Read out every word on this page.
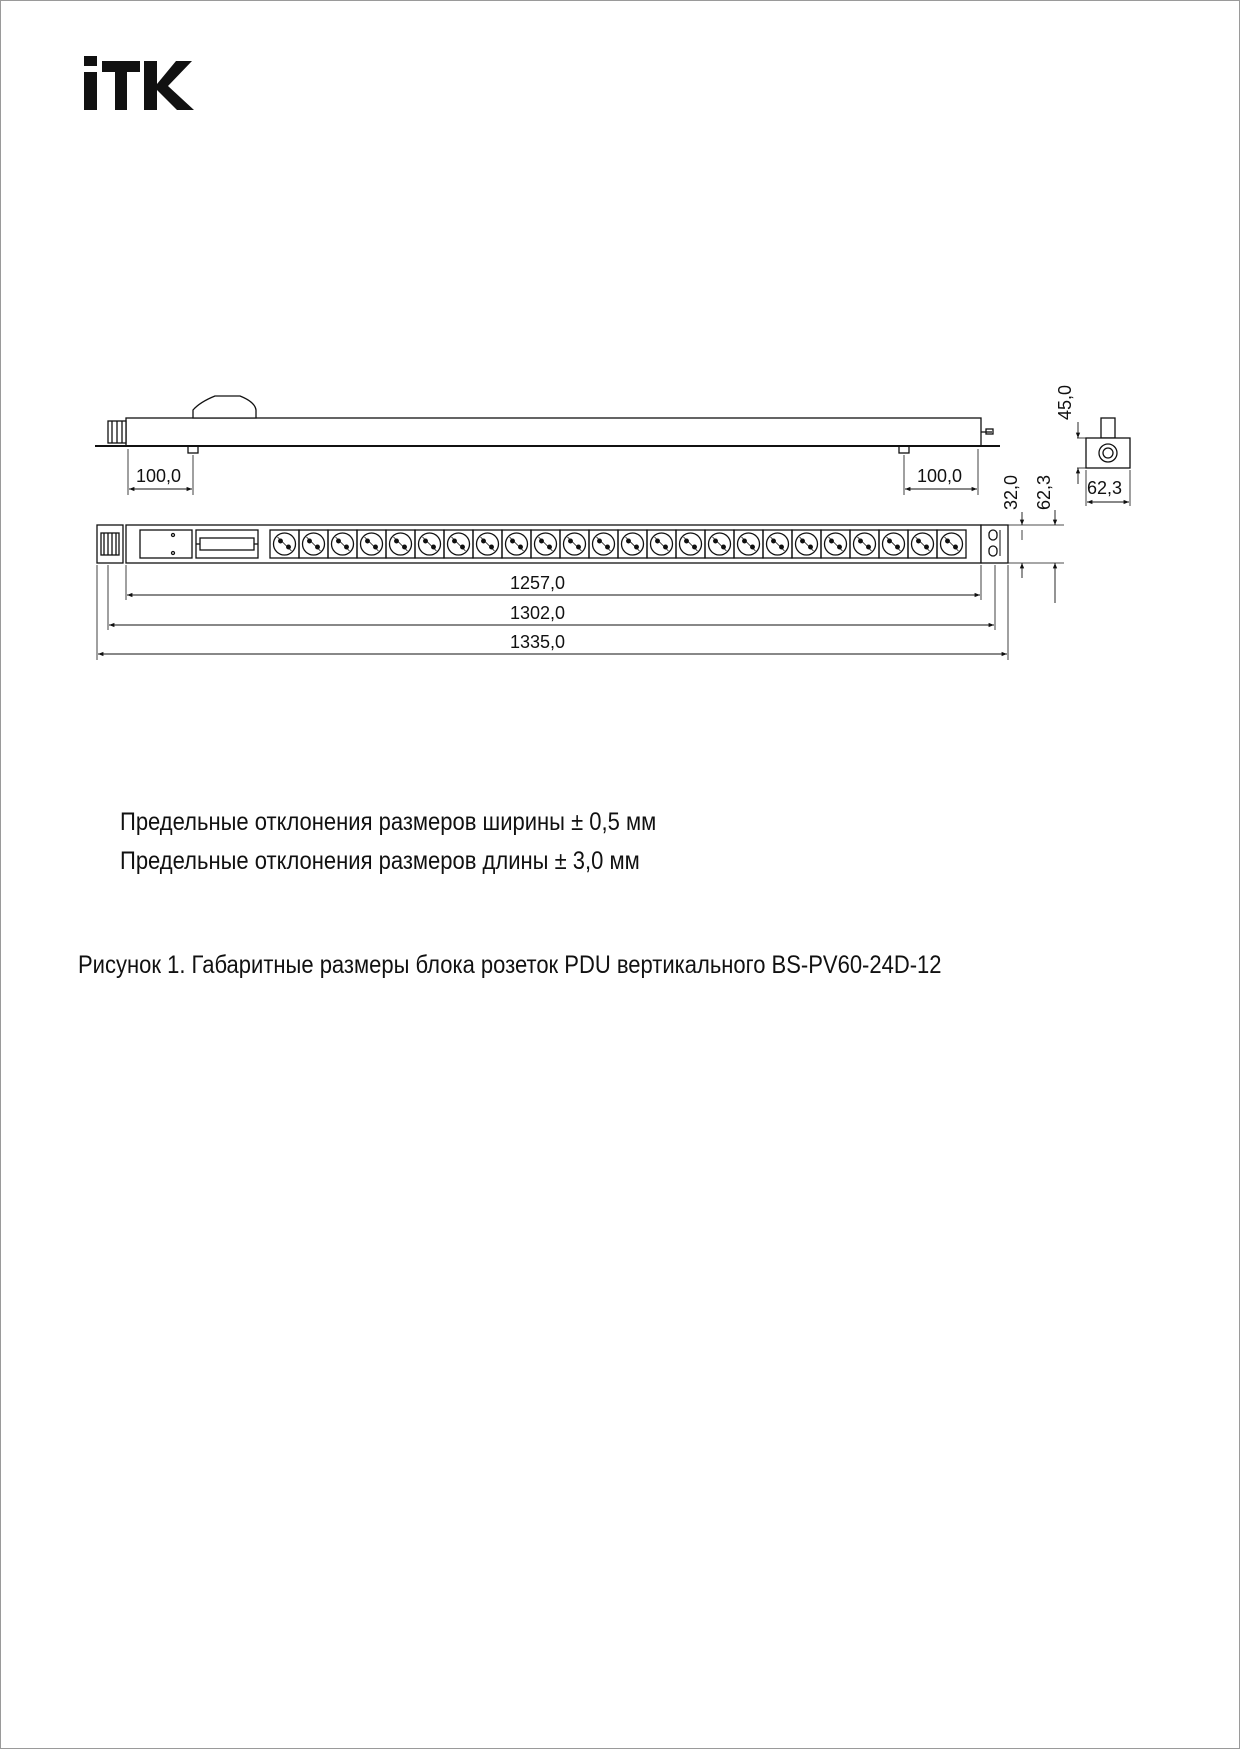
100,0	100,0
45,0
62,3
32,0 62,3
1257,0
1302,0
1335,0
Предельные отклонения размеров ширины ± 0,5 мм
Предельные отклонения размеров длины ± 3,0 мм
Рисунок 1. Габаритные размеры блока розеток PDU вертикального BS-PV60-24D-12
